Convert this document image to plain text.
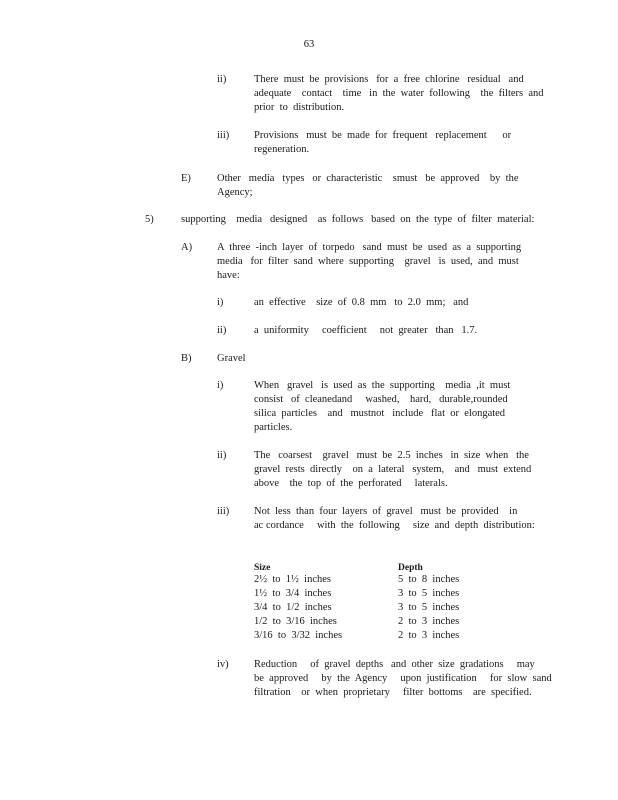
63
ii)	There  must  be  provisions   for  a  free  chlorine   residual   and
adequate    contact    time   in  the  water  following    the  filters  and
prior  to  distribution.
iii) Provisions   must  be  made  for  frequent   replacement      or
regeneration.
E) Other   media   types   or  characteristic    smust   be  approved    by  the
Agency;
5)	supporting    media   designed    as  follows   based  on  the  type  of  filter  material:
A) A  three  -inch  layer  of  torpedo   sand  must  be  used  as  a  supporting
media   for  filter  sand  where  supporting    gravel   is  used,  and  must
have:
i)	an  effective    size  of  0.8  mm   to  2.0  mm;   and
ii)	a  uniformity     coefficient     not  greater   than   1.7.
B) Gravel
i)	When   gravel   is  used  as  the  supporting    media  ,it  must
consist   of  cleanedand     washed,    hard,   durable,rounded
silica  particles    and   mustnot   include   flat  or  elongated
particles.
ii)	The   coarsest    gravel   must  be  2.5  inches   in  size  when   the
gravel  rests  directly    on  a  lateral   system,    and   must  extend
above    the  top  of  the  perforated     laterals.
iii) Not  less  than  four  layers  of  gravel   must  be  provided    in
ac cordance     with  the  following     size  and  depth  distribution:
Size	Depth
2½  to  1½  inches	5  to  8  inches
1½  to  3/4  inches	3  to  5  inches
3/4  to  1/2  inches	3  to  5  inches
1/2  to  3/16  inches	2  to  3  inches
3/16  to  3/32  inches	2  to  3  inches
iv) Reduction     of  gravel  depths   and  other  size  gradations     may
be  approved     by  the  Agency     upon  justification     for  slow  sand
filtration    or  when  proprietary     filter  bottoms    are  specified.
